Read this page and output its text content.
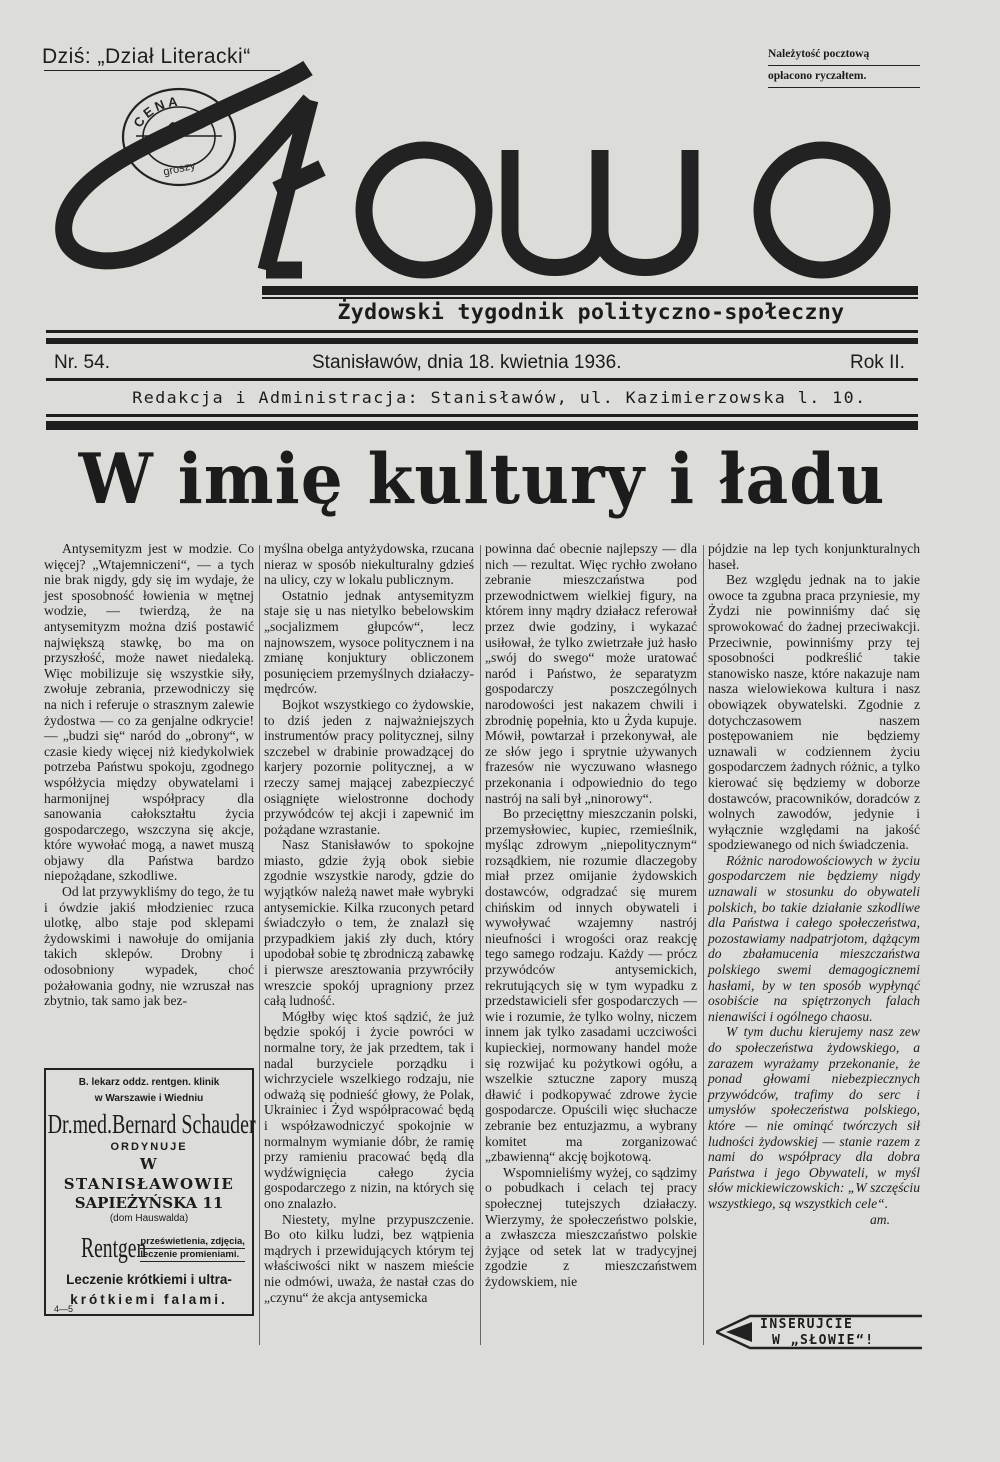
Dziś: „Dział Literacki“	Należytość pocztową
opłacono ryczałtem.
CENA
15
groszy
Żydowski tygodnik polityczno-społeczny
Nr. 54.	Stanisławów, dnia 18. kwietnia 1936.	Rok II.
Redakcja i Administracja: Stanisławów, ul. Kazimierzowska l. 10.
W imię kultury i ładu

Antysemityzm jest w modzie. Co więcej? „Wtajemniczeni“, — a tych nie brak nigdy, gdy się im wydaje, że jest sposobność łowienia w mętnej wodzie, — twierdzą, że na antysemityzm można dziś postawić największą stawkę, bo ma on przyszłość, może nawet niedaleką. Więc mobilizuje się wszystkie siły, zwołuje zebrania, przewodniczy się na nich i referuje o strasznym zalewie żydostwa — co za genjalne odkrycie! — „budzi się“ naród do „obrony“, w czasie kiedy więcej niż kiedykolwiek potrzeba Państwu spokoju, zgodnego współżycia między obywatelami i harmonijnej współpracy dla sanowania całokształtu życia gospodarczego, wszczyna się akcje, które wywołać mogą, a nawet muszą objawy dla Państwa bardzo niepożądane, szkodliwe.

Od lat przywykliśmy do tego, że tu i ówdzie jakiś młodzieniec rzuca ulotkę, albo staje pod sklepami żydowskimi i nawołuje do omijania takich sklepów. Drobny i odosobniony wypadek, choć pożałowania godny, nie wzruszał nas zbytnio, tak samo jak bez-

myślna obelga antyżydowska, rzucana nieraz w sposób niekulturalny gdzieś na ulicy, czy w lokalu publicznym.

Ostatnio jednak antysemityzm staje się u nas nietylko bebelowskim „socjalizmem głupców“, lecz najnowszem, wysoce politycznem i na zmianę konjuktury obliczonem posunięciem przemyślnych działaczy-mędrców.

Bojkot wszystkiego co żydowskie, to dziś jeden z najważniejszych instrumentów pracy politycznej, silny szczebel w drabinie prowadzącej do karjery pozornie politycznej, a w rzeczy samej mającej zabezpieczyć osiągnięte wielostronne dochody przywódców tej akcji i zapewnić im pożądane wzrastanie.

Nasz Stanisławów to spokojne miasto, gdzie żyją obok siebie zgodnie wszystkie narody, gdzie do wyjątków należą nawet małe wybryki antysemickie. Kilka rzuconych petard świadczyło o tem, że znalazł się przypadkiem jakiś zły duch, który upodobał sobie tę zbrodniczą zabawkę i pierwsze aresztowania przywróciły wreszcie spokój upragniony przez całą ludność.

Mógłby więc ktoś sądzić, że już będzie spokój i życie powróci w normalne tory, że jak przedtem, tak i nadal burzyciele porządku i wichrzyciele wszelkiego rodzaju, nie odważą się podnieść głowy, że Polak, Ukrainiec i Żyd współpracować będą i współzawodniczyć spokojnie w normalnym wymianie dóbr, że ramię przy ramieniu pracować będą dla wydźwignięcia całego życia gospodarczego z nizin, na których się ono znalazło.

Niestety, mylne przypuszczenie. Bo oto kilku ludzi, bez wątpienia mądrych i przewidujących którym tej właściwości nikt w naszem mieście nie odmówi, uważa, że nastał czas do „czynu“ że akcja antysemicka

powinna dać obecnie najlepszy — dla nich — rezultat. Więc rychło zwołano zebranie mieszczaństwa pod przewodnictwem wielkiej figury, na którem inny mądry działacz referował przez dwie godziny, i wykazać usiłował, że tylko zwietrzałe już hasło „swój do swego“ może uratować naród i Państwo, że separatyzm gospodarczy poszczególnych narodowości jest nakazem chwili i zbrodnię popełnia, kto u Żyda kupuje. Mówił, powtarzał i przekonywał, ale ze słów jego i sprytnie używanych frazesów nie wyczuwano własnego przekonania i odpowiednio do tego nastrój na sali był „ninorowy“.

Bo przecięttny mieszczanin polski, przemysłowiec, kupiec, rzemieślnik, myśląc zdrowym „niepolitycznym“ rozsądkiem, nie rozumie dlaczegoby miał przez omijanie żydowskich dostawców, odgradzać się murem chińskim od innych obywateli i wywoływać wzajemny nastrój nieufności i wrogości oraz reakcję tego samego rodzaju. Każdy — prócz przywódców antysemickich, rekrutujących się w tym wypadku z przedstawicieli sfer gospodarczych — wie i rozumie, że tylko wolny, niczem innem jak tylko zasadami uczciwości kupieckiej, normowany handel może się rozwijać ku pożytkowi ogółu, a wszelkie sztuczne zapory muszą dławić i podkopywać zdrowe życie gospodarcze. Opuścili więc słuchacze zebranie bez entuzjazmu, a wybrany komitet ma zorganizować „zbawienną“ akcję bojkotową.

Wspomnieliśmy wyżej, co sądzimy o pobudkach i celach tej pracy społecznej tutejszych działaczy. Wierzymy, że społeczeństwo polskie, a zwłaszcza mieszczaństwo polskie żyjące od setek lat w tradycyjnej zgodzie z mieszczaństwem żydowskiem, nie

pójdzie na lep tych konjunkturalnych haseł.

Bez względu jednak na to jakie owoce ta zgubna praca przyniesie, my Żydzi nie powinniśmy dać się sprowokować do żadnej przeciwakcji. Przeciwnie, powinniśmy przy tej sposobności podkreślić takie stanowisko nasze, które nakazuje nam nasza wielowiekowa kultura i nasz obowiązek obywatelski. Zgodnie z dotychczasowem naszem postępowaniem nie będziemy uznawali w codziennem życiu gospodarczem żadnych różnic, a tylko kierować się będziemy w doborze dostawców, pracowników, doradców z wolnych zawodów, jedynie i wyłącznie względami na jakość spodziewanego od nich świadczenia.

Różnic narodowościowych w życiu gospodarczem nie będziemy nigdy uznawali w stosunku do obywateli polskich, bo takie działanie szkodliwe dla Państwa i całego społeczeństwa, pozostawiamy nadpatrjotom, dążącym do zbałamucenia mieszczaństwa polskiego swemi demagogicznemi hasłami, by w ten sposób wypłynąć osobiście na spiętrzonych falach nienawiści i ogólnego chaosu.

W tym duchu kierujemy nasz zew do społeczeństwa żydowskiego, a zarazem wyrażamy przekonanie, że ponad głowami niebezpiecznych przywódców, trafimy do serc i umysłów społeczeństwa polskiego, które — nie ominąć twórczych sił ludności żydowskiej — stanie razem z nami do współpracy dla dobra Państwa i jego Obywateli, w myśl słów mickiewiczowskich: „W szczęściu wszystkiego, są wszystkich cele“.

am.

B. lekarz oddz. rentgen. klinik
w Warszawie i Wiedniu
Dr.med.Bernard Schauder
ORDYNUJE
W STANISŁAWOWIE
SAPIEŻYŃSKA 11
(dom Hauswalda)
Rentgen
prześwietlenia, zdjęcia,
leczenie promieniami.
Leczenie krótkiemi i ultra-
krótkiemi falami.
4—5
INSERUJCIE
W „SŁOWIE“!
